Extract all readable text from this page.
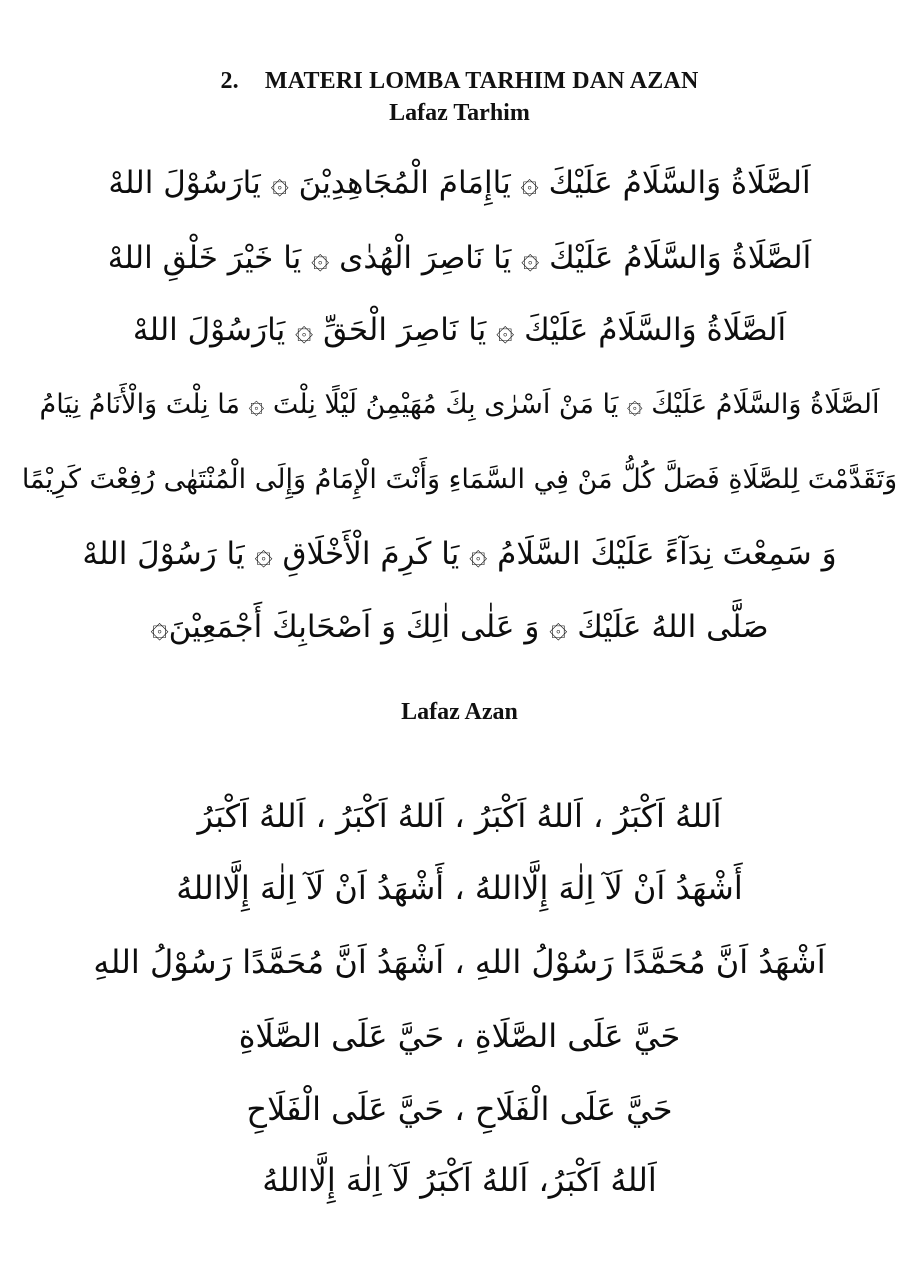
2. MATERI LOMBA TARHIM DAN AZAN
Lafaz Tarhim
اَلصَّلَاةُ وَالسَّلَامُ عَلَيْكَ ۞ يَاإِمَامَ الْمُجَاهِدِيْنَ ۞ يَارَسُوْلَ اللهْ
اَلصَّلَاةُ وَالسَّلَامُ عَلَيْكَ ۞ يَا نَاصِرَ الْهُدٰى ۞ يَا خَيْرَ خَلْقِ اللهْ
اَلصَّلَاةُ وَالسَّلَامُ عَلَيْكَ ۞ يَا نَاصِرَ الْحَقِّ ۞ يَارَسُوْلَ اللهْ
اَلصَّلَاةُ وَالسَّلَامُ عَلَيْكَ ۞ يَا مَنْ اَسْرٰى بِكَ مُهَيْمِنُ لَيْلًا نِلْتَ ۞ مَا نِلْتَ وَالْأَنَامُ نِيَامُ
وَتَقَدَّمْتَ لِلصَّلَاةِ فَصَلَّ كُلُّ مَنْ فِي السَّمَاءِ وَأَنْتَ الْإِمَامُ وَإِلَى الْمُنْتَهٰى رُفِعْتَ كَرِيْمًا
وَ سَمِعْتَ نِدَآءً عَلَيْكَ السَّلَامُ ۞ يَا كَرِمَ الْأَخْلَاقِ ۞ يَا رَسُوْلَ اللهْ
صَلَّى اللهُ عَلَيْكَ ۞ وَ عَلٰى اٰلِكَ وَ اَصْحَابِكَ أَجْمَعِيْنَ۞
Lafaz Azan
اَللهُ اَكْبَرُ ، اَللهُ اَكْبَرُ ، اَللهُ اَكْبَرُ ، اَللهُ اَكْبَرُ
أَشْهَدُ اَنْ لَآ اِلٰهَ إِلَّااللهُ ، أَشْهَدُ اَنْ لَآ اِلٰهَ إِلَّااللهُ
اَشْهَدُ اَنَّ مُحَمَّدًا رَسُوْلُ اللهِ ، اَشْهَدُ اَنَّ مُحَمَّدًا رَسُوْلُ اللهِ
حَيَّ عَلَى الصَّلَاةِ ، حَيَّ عَلَى الصَّلَاةِ
حَيَّ عَلَى الْفَلَاحِ ، حَيَّ عَلَى الْفَلَاحِ
اَللهُ اَكْبَرُ، اَللهُ اَكْبَرُ لَآ اِلٰهَ إِلَّااللهُ
